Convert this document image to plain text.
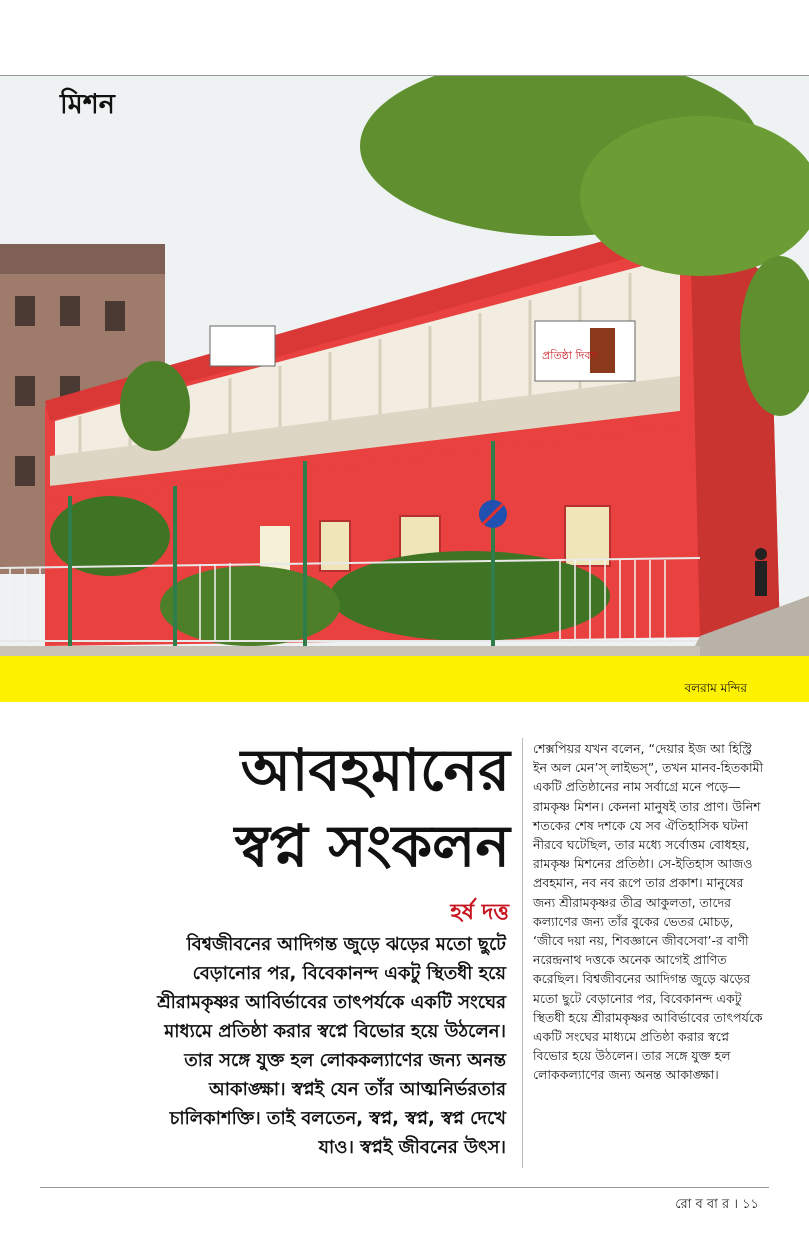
প্রতিষ্ঠা দিবস
মিশন
বলরাম মন্দির
আবহমানের
স্বপ্ন সংকলন
হর্ষ দত্ত
বিশ্বজীবনের আদিগন্ত জুড়ে ঝড়ের মতো ছুটে বেড়ানোর পর, বিবেকানন্দ একটু স্থিতধী হয়ে শ্রীরামকৃষ্ণর আবির্ভাবের তাৎপর্যকে একটি সংঘের মাধ্যমে প্রতিষ্ঠা করার স্বপ্নে বিভোর হয়ে উঠলেন। তার সঙ্গে যুক্ত হল লোককল্যাণের জন্য অনন্ত আকাঙ্ক্ষা। স্বপ্নই যেন তাঁর আত্মনির্ভরতার চালিকাশক্তি। তাই বলতেন, স্বপ্ন, স্বপ্ন, স্বপ্ন দেখে যাও। স্বপ্নই জীবনের উৎস।
শেক্সপিয়র যখন বলেন, “দেয়ার ইজ আ হিস্ট্রি ইন অল মেন’স্ লাইভস্”, তখন মানব-হিতকামী একটি প্রতিষ্ঠানের নাম সর্বাগ্রে মনে পড়ে— রামকৃষ্ণ মিশন। কেননা মানুষই তার প্রাণ। উনিশ শতকের শেষ দশকে যে সব ঐতিহাসিক ঘটনা নীরবে ঘটেছিল, তার মধ্যে সর্বোত্তম বোধহয়, রামকৃষ্ণ মিশনের প্রতিষ্ঠা। সে-ইতিহাস আজও প্রবহমান, নব নব রূপে তার প্রকাশ। মানুষের জন্য শ্রীরামকৃষ্ণর তীব্র আকুলতা, তাদের কল্যাণের জন্য তাঁর বুকের ভেতর মোচড়, ‘জীবে দয়া নয়, শিবজ্ঞানে জীবসেবা’-র বাণী নরেন্দ্রনাথ দত্তকে অনেক আগেই প্রাণিত করেছিল। বিশ্বজীবনের আদিগন্ত জুড়ে ঝড়ের মতো ছুটে বেড়ানোর পর, বিবেকানন্দ একটু স্থিতধী হয়ে শ্রীরামকৃষ্ণর আবির্ভাবের তাৎপর্যকে একটি সংঘের মাধ্যমে প্রতিষ্ঠা করার স্বপ্নে বিভোর হয়ে উঠলেন। তার সঙ্গে যুক্ত হল লোককল্যাণের জন্য অনন্ত আকাঙ্ক্ষা।
রো ব বা র । ১১
